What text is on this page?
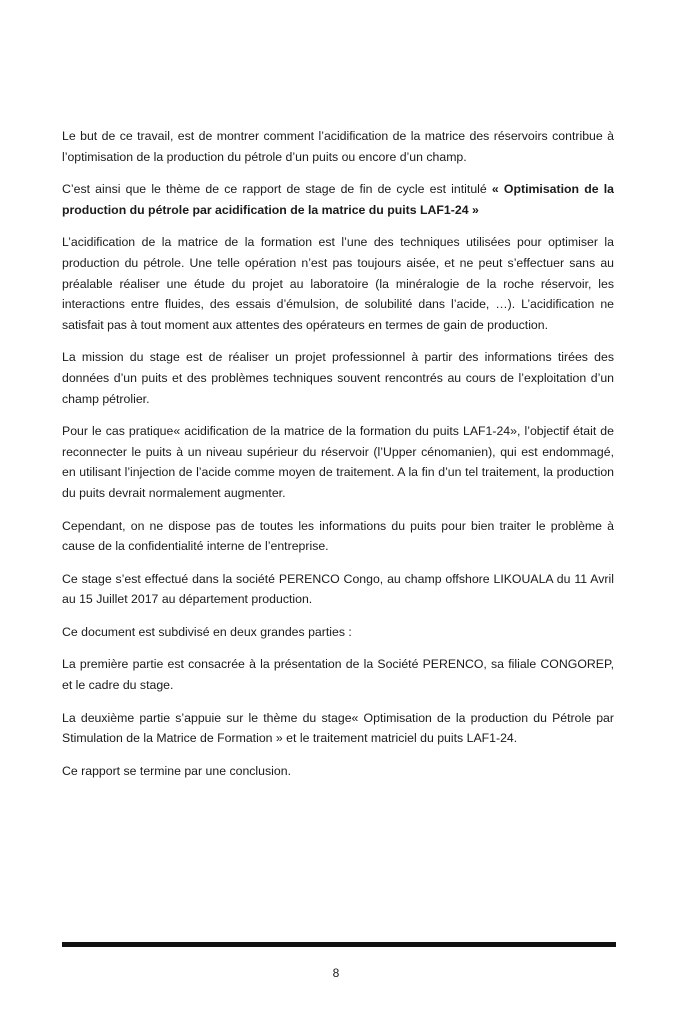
Le but de ce travail, est de montrer comment l’acidification de la matrice des réservoirs contribue à l’optimisation de la production du pétrole d’un puits ou encore d’un champ.

C’est ainsi que le thème de ce rapport de stage de fin de cycle est intitulé « Optimisation de la production du pétrole par acidification de la matrice du puits LAF1-24 »

L’acidification de la matrice de la formation est l’une des techniques utilisées pour optimiser la production du pétrole. Une telle opération n’est pas toujours aisée, et ne peut s’effectuer sans au préalable réaliser une étude du projet au laboratoire (la minéralogie de la roche réservoir, les interactions entre fluides, des essais d’émulsion, de solubilité dans l’acide, …). L’acidification ne satisfait pas à tout moment aux attentes des opérateurs en termes de gain de production.

La mission du stage est de réaliser un projet professionnel à partir des informations tirées des données d’un puits et des problèmes techniques souvent rencontrés au cours de l’exploitation d’un champ pétrolier.

Pour le cas pratique« acidification de la matrice de la formation du puits LAF1-24», l’objectif était de reconnecter le puits à un niveau supérieur du réservoir (l’Upper cénomanien), qui est endommagé, en utilisant l’injection de l’acide comme moyen de traitement. A la fin d’un tel traitement, la production du puits devrait normalement augmenter.

Cependant, on ne dispose pas de toutes les informations du puits pour bien traiter le problème à cause de la confidentialité interne de l’entreprise.

Ce stage s’est effectué dans la société PERENCO Congo, au champ offshore LIKOUALA du 11 Avril au 15 Juillet 2017 au département production.

Ce document est subdivisé en deux grandes parties :

La première partie est consacrée à la présentation de la Société PERENCO, sa filiale CONGOREP, et le cadre du stage.

La deuxième partie s’appuie sur le thème du stage« Optimisation de la production du Pétrole par Stimulation de la Matrice de Formation » et le traitement matriciel du puits LAF1-24.

Ce rapport se termine par une conclusion.

8
